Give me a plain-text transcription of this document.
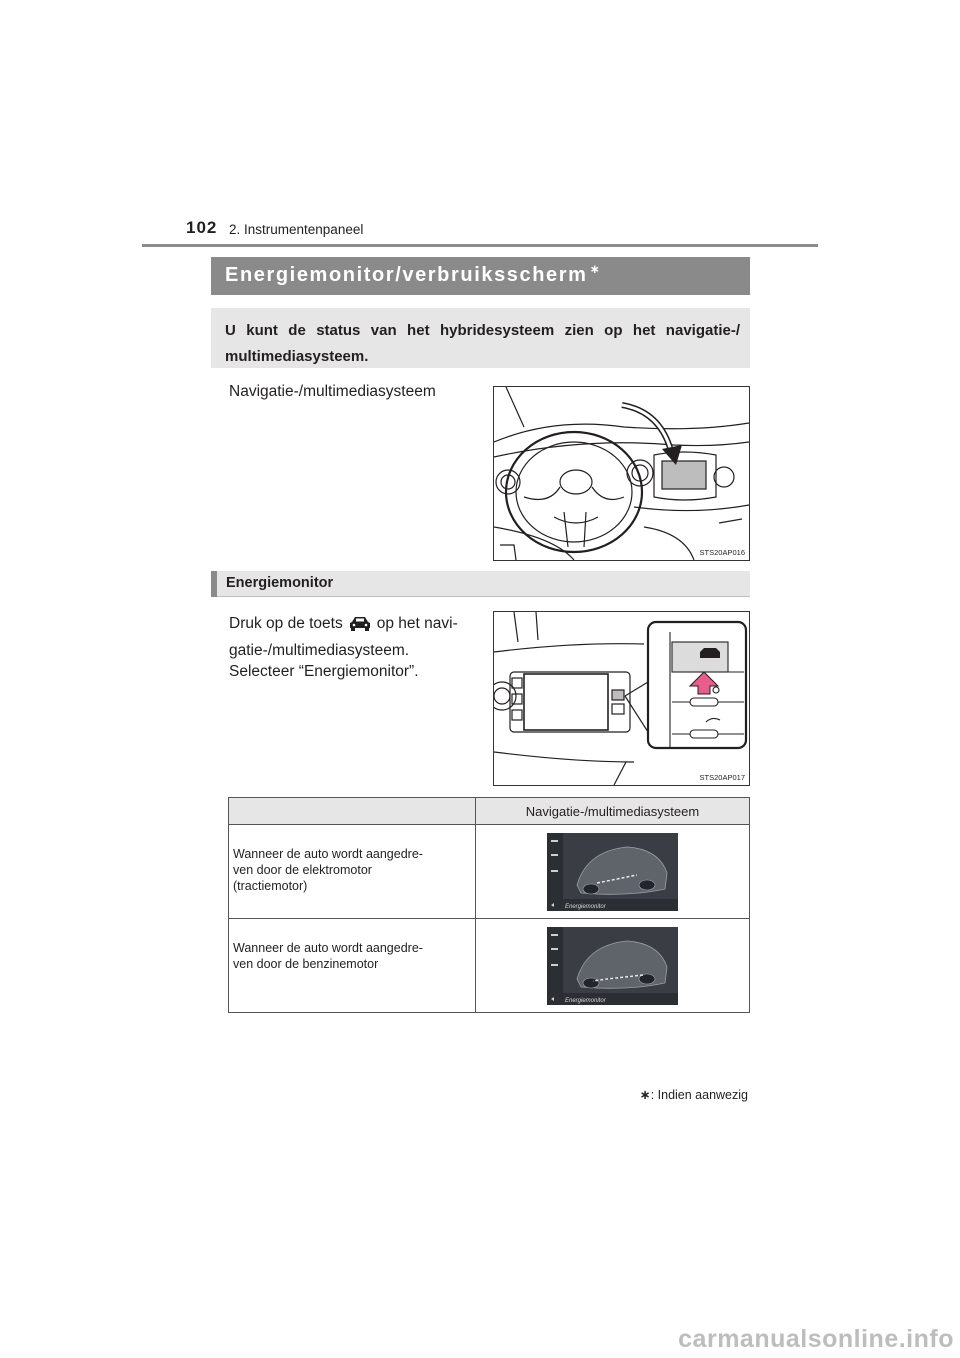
102 2. Instrumentenpaneel
Energiemonitor/verbruiksscherm ∗
U kunt de status van het hybridesysteem zien op het navigatie-/ multimediasysteem.
Navigatie-/multimediasysteem
STS20AP016
Energiemonitor
Druk op de toets op het navi-
gatie-/multimediasysteem.
Selecteer “Energiemonitor”.
STS20AP017
	Navigatie-/multimediasysteem

Wanneer de auto wordt aangedre-
ven door de elektromotor
(tractiemotor)

Wanneer de auto wordt aangedre-
ven door de benzinemotor

Energiemonitor
Energiemonitor
∗: Indien aanwezig
carmanualsonline.info
